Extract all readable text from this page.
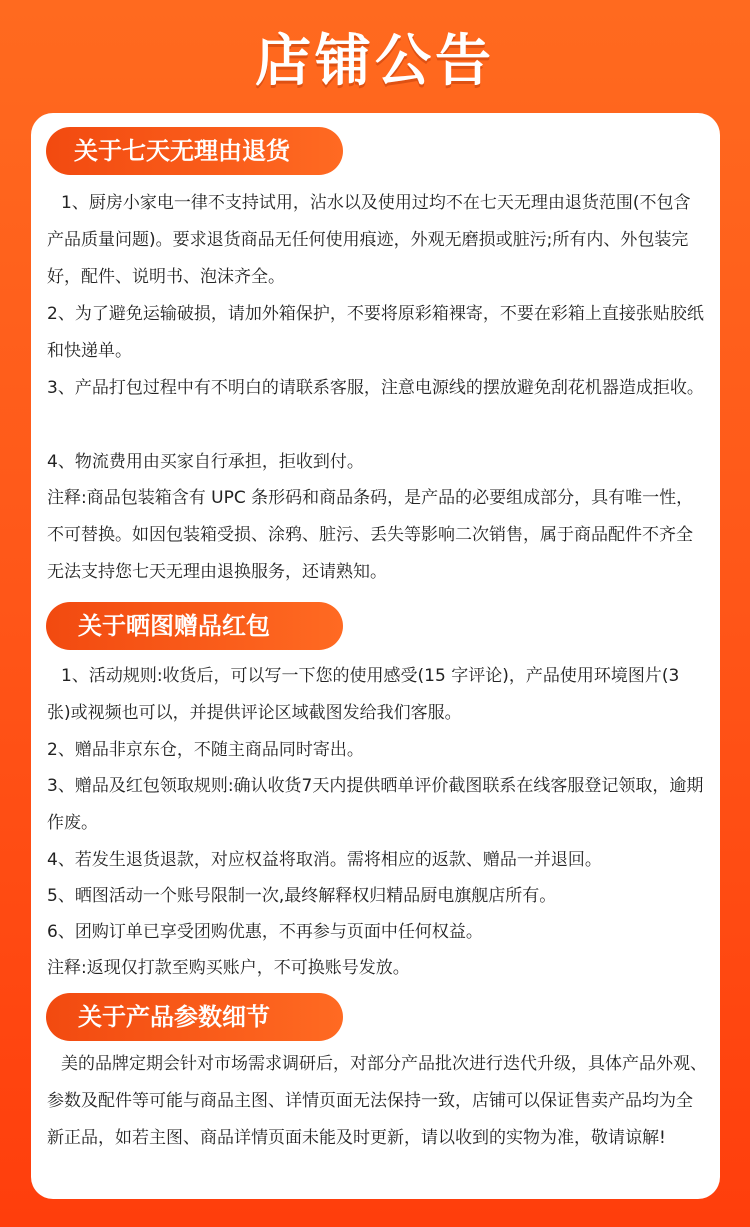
店铺公告
关于七天无理由退货

1、厨房小家电一律不支持试用，沾水以及使用过均不在七天无理由退货范围(不包含产品质量问题)。要求退货商品无任何使用痕迹，外观无磨损或脏污;所有内、外包装完好，配件、说明书、泡沫齐全。

2、为了避免运输破损，请加外箱保护，不要将原彩箱裸寄，不要在彩箱上直接张贴胶纸和快递单。

3、产品打包过程中有不明白的请联系客服，注意电源线的摆放避免刮花机器造成拒收。

4、物流费用由买家自行承担，拒收到付。

注释:商品包装箱含有 UPC 条形码和商品条码，是产品的必要组成部分，具有唯一性，不可替换。如因包装箱受损、涂鸦、脏污、丢失等影响二次销售，属于商品配件不齐全无法支持您七天无理由退换服务，还请熟知。

关于晒图赠品红包

1、活动规则:收货后，可以写一下您的使用感受(15 字评论)，产品使用环境图片(3 张)或视频也可以，并提供评论区域截图发给我们客服。

2、赠品非京东仓，不随主商品同时寄出。

3、赠品及红包领取规则:确认收货7天内提供晒单评价截图联系在线客服登记领取，逾期作废。

4、若发生退货退款，对应权益将取消。需将相应的返款、赠品一并退回。

5、晒图活动一个账号限制一次,最终解释权归精品厨电旗舰店所有。

6、团购订单已享受团购优惠，不再参与页面中任何权益。

注释:返现仅打款至购买账户，不可换账号发放。

关于产品参数细节

美的品牌定期会针对市场需求调研后，对部分产品批次进行迭代升级，具体产品外观、参数及配件等可能与商品主图、详情页面无法保持一致，店铺可以保证售卖产品均为全新正品，如若主图、商品详情页面未能及时更新，请以收到的实物为准，敬请谅解!
